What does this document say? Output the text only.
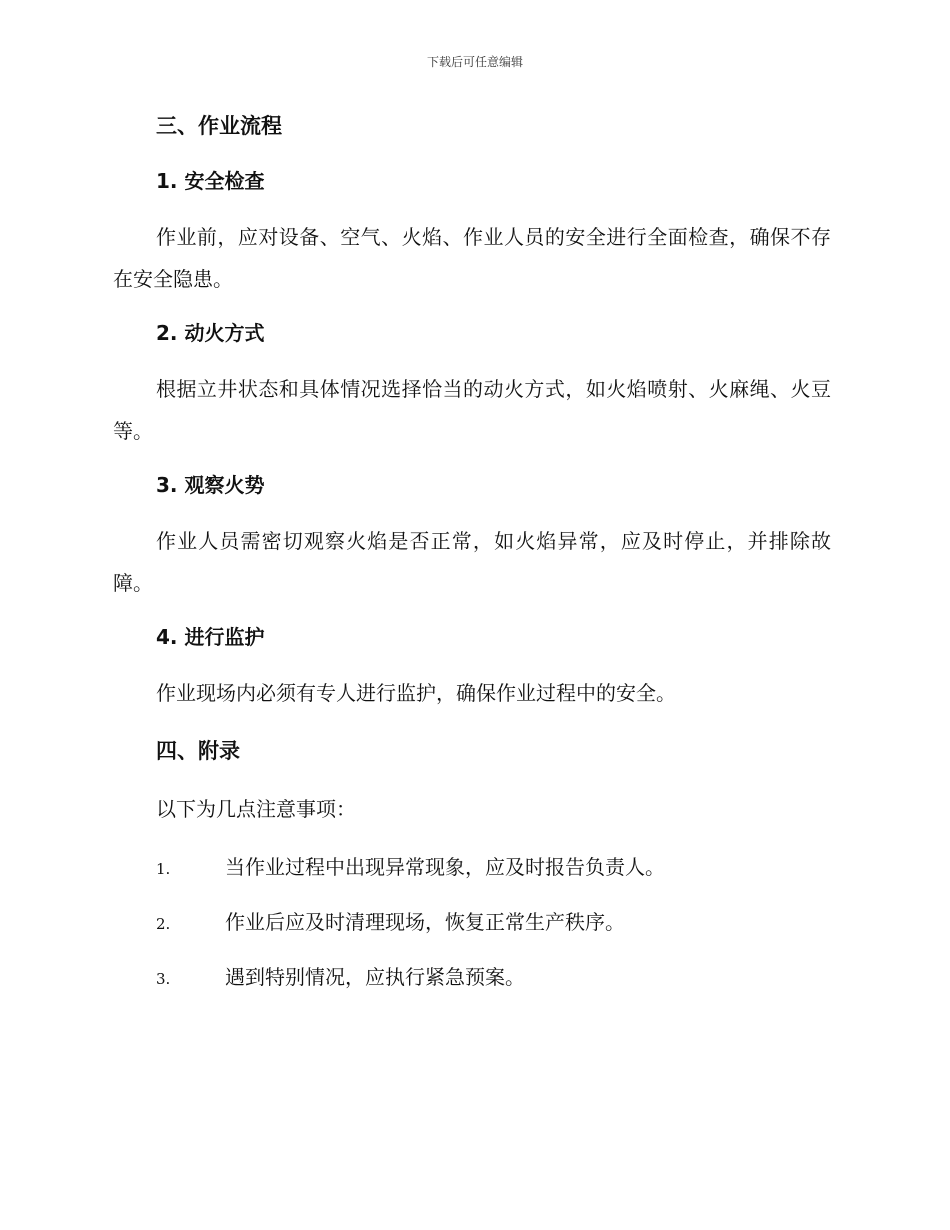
下载后可任意编辑
三、作业流程
1. 安全检查

作业前，应对设备、空气、火焰、作业人员的安全进行全面检查，确保不存在安全隐患。

2. 动火方式

根据立井状态和具体情况选择恰当的动火方式，如火焰喷射、火麻绳、火豆等。

3. 观察火势

作业人员需密切观察火焰是否正常，如火焰异常，应及时停止，并排除故障。

4. 进行监护

作业现场内必须有专人进行监护，确保作业过程中的安全。

四、附录

以下为几点注意事项：

1.	当作业过程中出现异常现象，应及时报告负责人。
2.	作业后应及时清理现场，恢复正常生产秩序。
3.	遇到特别情况，应执行紧急预案。
